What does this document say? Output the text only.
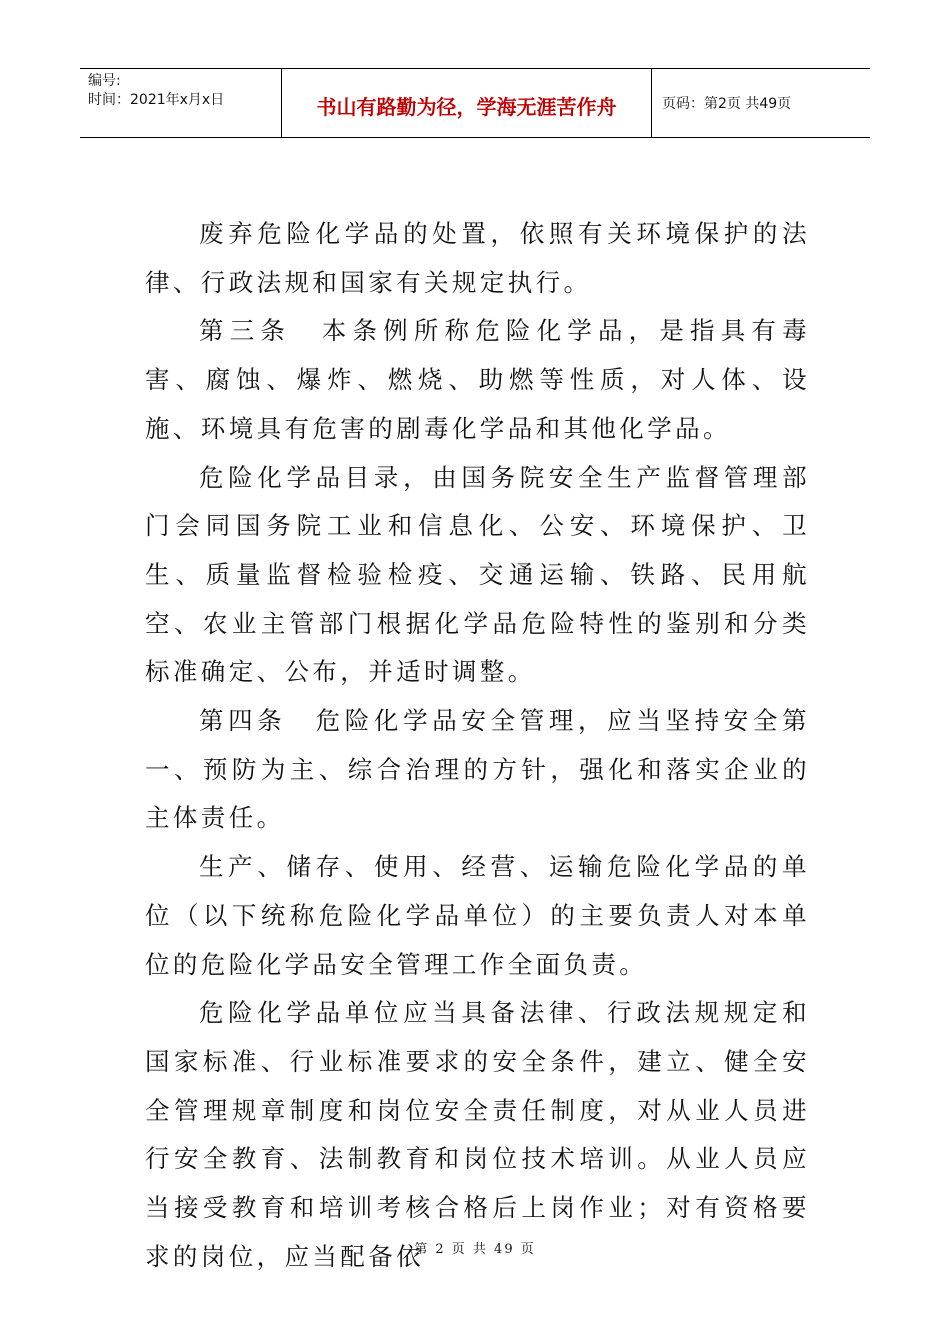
编号:
时间：2021年x月x日	书山有路勤为径，学海无涯苦作舟	页码：第2页 共49页

废弃危险化学品的处置，依照有关环境保护的法律、行政法规和国家有关规定执行。

第三条　本条例所称危险化学品，是指具有毒害、腐蚀、爆炸、燃烧、助燃等性质，对人体、设施、环境具有危害的剧毒化学品和其他化学品。

危险化学品目录，由国务院安全生产监督管理部门会同国务院工业和信息化、公安、环境保护、卫生、质量监督检验检疫、交通运输、铁路、民用航空、农业主管部门根据化学品危险特性的鉴别和分类标准确定、公布，并适时调整。

第四条　危险化学品安全管理，应当坚持安全第一、预防为主、综合治理的方针，强化和落实企业的主体责任。

生产、储存、使用、经营、运输危险化学品的单位（以下统称危险化学品单位）的主要负责人对本单位的危险化学品安全管理工作全面负责。

危险化学品单位应当具备法律、行政法规规定和国家标准、行业标准要求的安全条件，建立、健全安全管理规章制度和岗位安全责任制度，对从业人员进行安全教育、法制教育和岗位技术培训。从业人员应当接受教育和培训考核合格后上岗作业；对有资格要求的岗位，应当配备依

第 2 页 共 49 页
